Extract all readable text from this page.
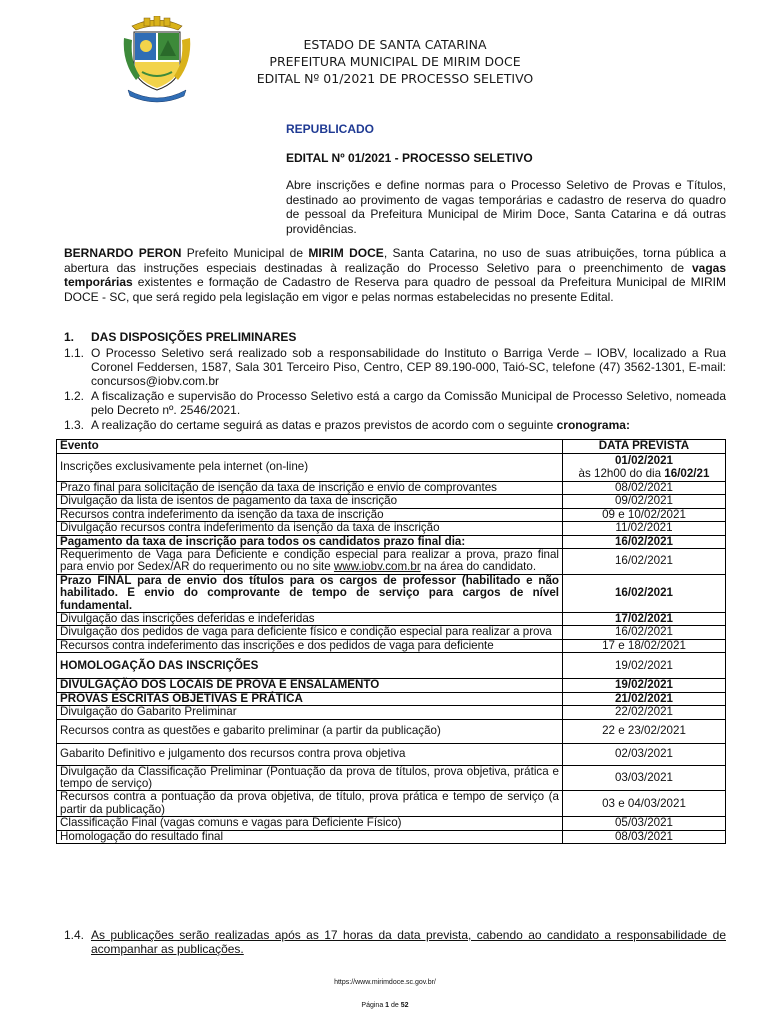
ESTADO DE SANTA CATARINA
PREFEITURA MUNICIPAL DE MIRIM DOCE
EDITAL Nº 01/2021 DE PROCESSO SELETIVO
REPUBLICADO
EDITAL Nº 01/2021 - PROCESSO SELETIVO
Abre inscrições e define normas para o Processo Seletivo de Provas e Títulos, destinado ao provimento de vagas temporárias e cadastro de reserva do quadro de pessoal da Prefeitura Municipal de Mirim Doce, Santa Catarina e dá outras providências.
BERNARDO PERON Prefeito Municipal de MIRIM DOCE, Santa Catarina, no uso de suas atribuições, torna pública a abertura das instruções especiais destinadas à realização do Processo Seletivo para o preenchimento de vagas temporárias existentes e formação de Cadastro de Reserva para quadro de pessoal da Prefeitura Municipal de MIRIM DOCE - SC, que será regido pela legislação em vigor e pelas normas estabelecidas no presente Edital.
1. DAS DISPOSIÇÕES PRELIMINARES
1.1. O Processo Seletivo será realizado sob a responsabilidade do Instituto o Barriga Verde – IOBV, localizado a Rua Coronel Feddersen, 1587, Sala 301 Terceiro Piso, Centro, CEP 89.190-000, Taió-SC, telefone (47) 3562-1301, E-mail: concursos@iobv.com.br
1.2. A fiscalização e supervisão do Processo Seletivo está a cargo da Comissão Municipal de Processo Seletivo, nomeada pelo Decreto nº. 2546/2021.
1.3. A realização do certame seguirá as datas e prazos previstos de acordo com o seguinte cronograma:
Evento	DATA PREVISTA
Inscrições exclusivamente pela internet (on-line)	01/02/2021
às 12h00 do dia 16/02/21

Prazo final para solicitação de isenção da taxa de inscrição e envio de comprovantes	08/02/2021
Divulgação da lista de isentos de pagamento da taxa de inscrição	09/02/2021
Recursos contra indeferimento da isenção da taxa de inscrição	09 e 10/02/2021
Divulgação recursos contra indeferimento da isenção da taxa de inscrição	11/02/2021
Pagamento da taxa de inscrição para todos os candidatos prazo final dia:	16/02/2021
Requerimento de Vaga para Deficiente e condição especial para realizar a prova, prazo final para envio por Sedex/AR do requerimento ou no site www.iobv.com.br na área do candidato.	16/02/2021
Prazo FINAL para de envio dos títulos para os cargos de professor (habilitado e não habilitado. E envio do comprovante de tempo de serviço para cargos de nível fundamental.	16/02/2021
Divulgação das inscrições deferidas e indeferidas	17/02/2021
Divulgação dos pedidos de vaga para deficiente físico e condição especial para realizar a prova	16/02/2021
Recursos contra indeferimento das inscrições e dos pedidos de vaga para deficiente	17 e 18/02/2021
HOMOLOGAÇÃO DAS INSCRIÇÕES	19/02/2021
DIVULGAÇÃO DOS LOCAIS DE PROVA E ENSALAMENTO	19/02/2021
PROVAS ESCRITAS OBJETIVAS E PRÁTICA	21/02/2021
Divulgação do Gabarito Preliminar	22/02/2021
Recursos contra as questões e gabarito preliminar (a partir da publicação)	22 e 23/02/2021
Gabarito Definitivo e julgamento dos recursos contra prova objetiva	02/03/2021
Divulgação da Classificação Preliminar (Pontuação da prova de títulos, prova objetiva, prática e tempo de serviço)	03/03/2021
Recursos contra a pontuação da prova objetiva, de título, prova prática e tempo de serviço (a partir da publicação)	03 e 04/03/2021
Classificação Final (vagas comuns e vagas para Deficiente Físico)	05/03/2021
Homologação do resultado final	08/03/2021
1.4. As publicações serão realizadas após as 17 horas da data prevista, cabendo ao candidato a responsabilidade de acompanhar as publicações.
https://www.mirimdoce.sc.gov.br/
Página 1 de 52
